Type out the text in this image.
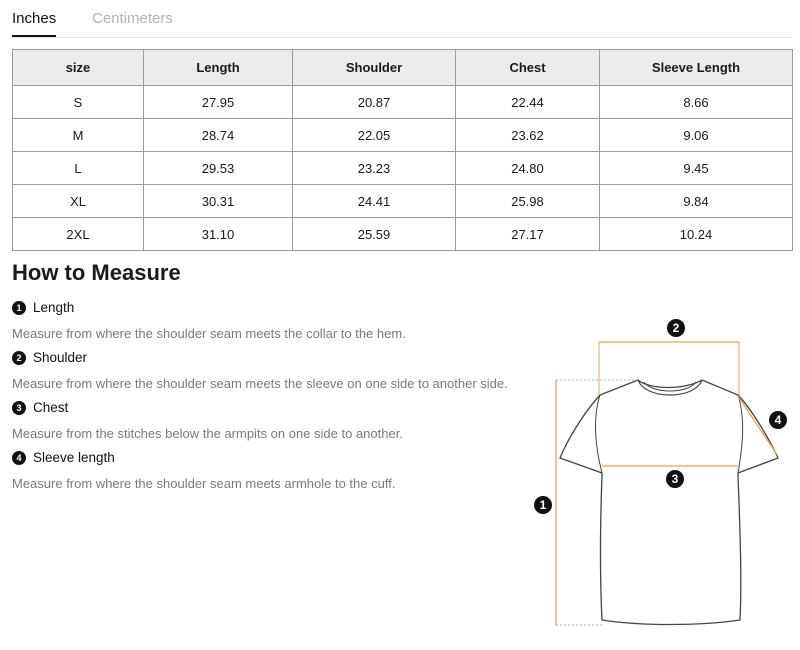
Inches Centimeters
size	Length	Shoulder	Chest	Sleeve Length
S	27.95	20.87	22.44	8.66
M	28.74	22.05	23.62	9.06
L	29.53	23.23	24.80	9.45
XL	30.31	24.41	25.98	9.84
2XL	31.10	25.59	27.17	10.24
How to Measure
1 Length
Measure from where the shoulder seam meets the collar to the hem.
2 Shoulder
Measure from where the shoulder seam meets the sleeve on one side to another side.
3 Chest
Measure from the stitches below the armpits on one side to another.
4 Sleeve length
Measure from where the shoulder seam meets armhole to the cuff.
1
2
3
4
